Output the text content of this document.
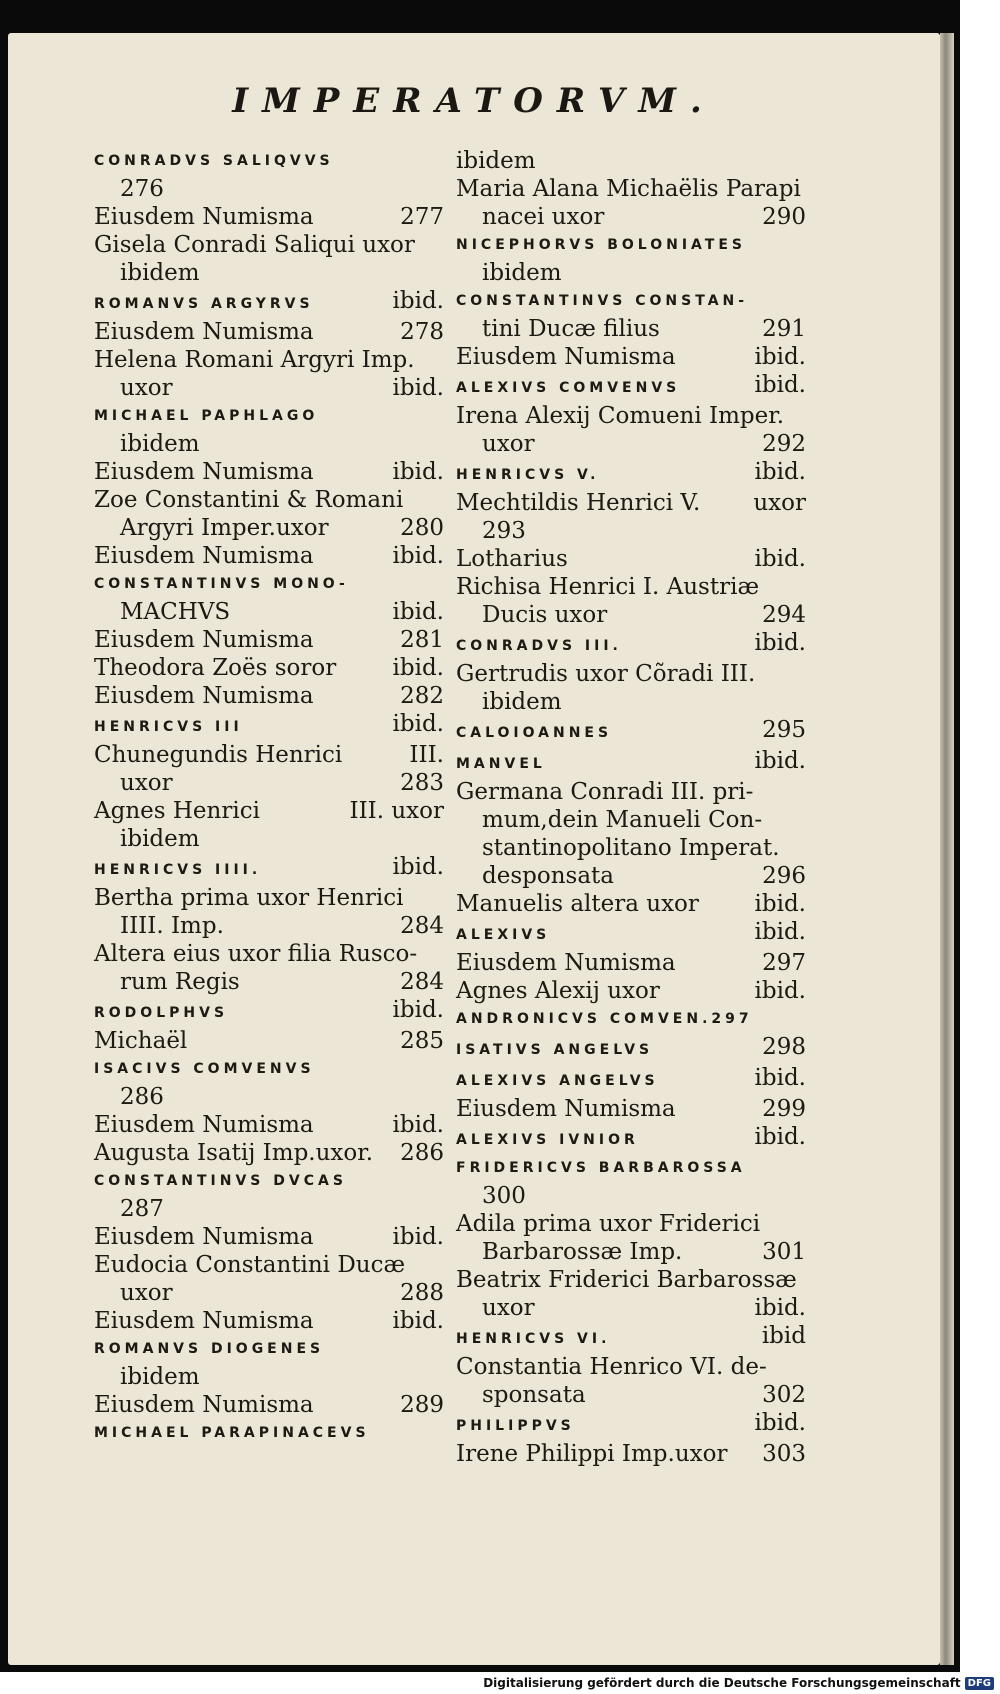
IMPERATORVM.
CONRADVS SALIQVVS
276
Eiusdem Numisma	277
Gisela Conradi Saliqui uxor
ibidem
ROMANVS ARGYRVS	ibid.
Eiusdem Numisma	278
Helena Romani Argyri Imp.
uxor	ibid.
MICHAEL PAPHLAGO
ibidem
Eiusdem Numisma	ibid.
Zoe Constantini & Romani
Argyri Imper.uxor	280
Eiusdem Numisma	ibid.
CONSTANTINVS MONO-
MACHVS	ibid.
Eiusdem Numisma	281
Theodora Zoës soror	ibid.
Eiusdem Numisma	282
HENRICVS III	ibid.
Chunegundis Henrici	III.
uxor	283
Agnes Henrici	III. uxor
ibidem
HENRICVS IIII.	ibid.
Bertha prima uxor Henrici
IIII. Imp.	284
Altera eius uxor filia Rusco-
rum Regis	284
RODOLPHVS	ibid.
Michaël	285
ISACIVS COMVENVS
286
Eiusdem Numisma	ibid.
Augusta Isatij Imp.uxor.	286
CONSTANTINVS DVCAS
287
Eiusdem Numisma	ibid.
Eudocia Constantini Ducæ
uxor	288
Eiusdem Numisma	ibid.
ROMANVS DIOGENES
ibidem
Eiusdem Numisma	289
MICHAEL PARAPINACEVS
ibidem
Maria Alana Michaëlis Parapi
nacei uxor	290
NICEPHORVS BOLONIATES
ibidem
CONSTANTINVS CONSTAN-
tini Ducæ filius	291
Eiusdem Numisma	ibid.
ALEXIVS COMVENVS	ibid.
Irena Alexij Comueni Imper.
uxor	292
HENRICVS V.	ibid.
Mechtildis Henrici V.	uxor
293
Lotharius	ibid.
Richisa Henrici I. Austriæ
Ducis uxor	294
CONRADVS III.	ibid.
Gertrudis uxor Cõradi III.
ibidem
CALOIOANNES	295
MANVEL	ibid.
Germana Conradi III. pri-
mum,dein Manueli Con-
stantinopolitano Imperat.
desponsata	296
Manuelis altera uxor	ibid.
ALEXIVS	ibid.
Eiusdem Numisma	297
Agnes Alexij uxor	ibid.
ANDRONICVS COMVEN.297
ISATIVS ANGELVS	298
ALEXIVS ANGELVS	ibid.
Eiusdem Numisma	299
ALEXIVS IVNIOR	ibid.
FRIDERICVS BARBAROSSA
300
Adila prima uxor Friderici
Barbarossæ Imp.	301
Beatrix Friderici Barbarossæ
uxor	ibid.
HENRICVS VI.	ibid
Constantia Henrico VI. de-
sponsata	302
PHILIPPVS	ibid.
Irene Philippi Imp.uxor	303
Digitalisierung gefördert durch die Deutsche Forschungsgemeinschaft DFG
